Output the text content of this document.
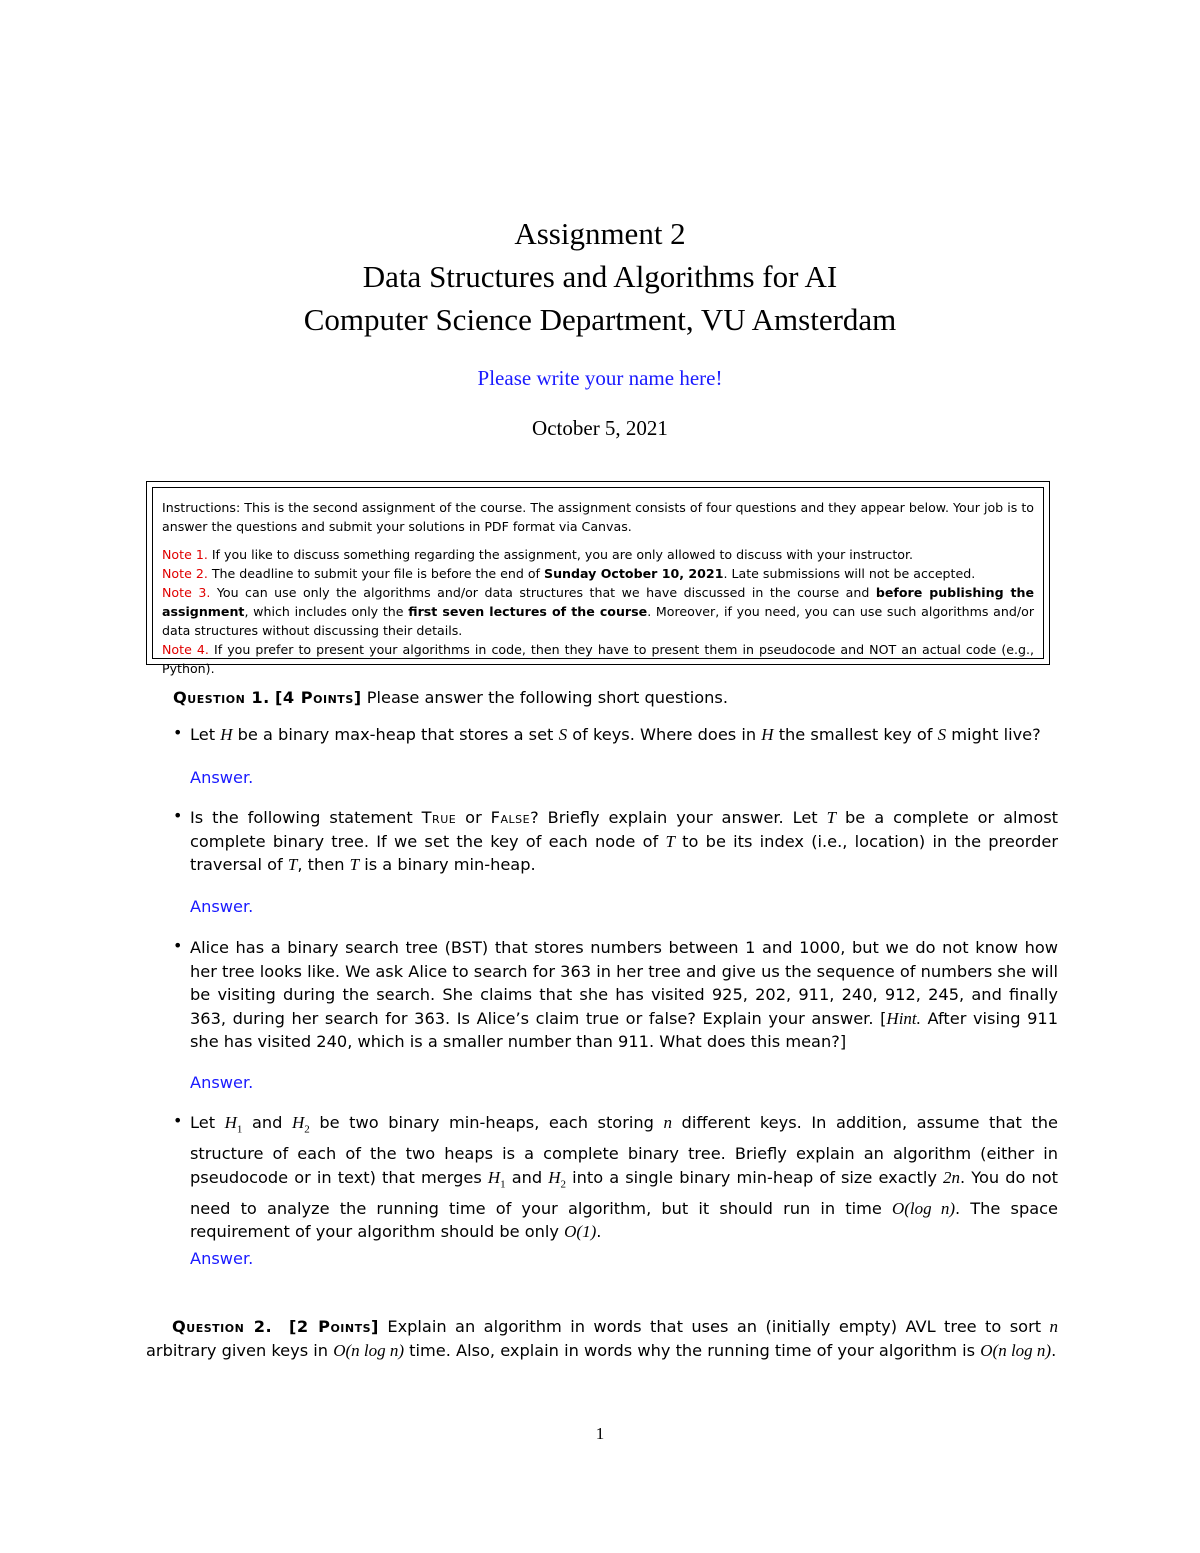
Assignment 2
Data Structures and Algorithms for AI
Computer Science Department, VU Amsterdam
Please write your name here!
October 5, 2021

Instructions: This is the second assignment of the course. The assignment consists of four questions and they appear below. Your job is to answer the questions and submit your solutions in PDF format via Canvas.

Note 1. If you like to discuss something regarding the assignment, you are only allowed to discuss with your instructor.

Note 2. The deadline to submit your file is before the end of Sunday October 10, 2021. Late submissions will not be accepted.

Note 3. You can use only the algorithms and/or data structures that we have discussed in the course and before publishing the assignment, which includes only the first seven lectures of the course. Moreover, if you need, you can use such algorithms and/or data structures without discussing their details.

Note 4. If you prefer to present your algorithms in code, then they have to present them in pseudocode and NOT an actual code (e.g., Python).

Question 1. [4 Points] Please answer the following short questions.
• Let H be a binary max-heap that stores a set S of keys. Where does in H the smallest key of S might live?
Answer.
• Is the following statement True or False? Briefly explain your answer. Let T be a complete or almost complete binary tree. If we set the key of each node of T to be its index (i.e., location) in the preorder traversal of T, then T is a binary min-heap.
Answer.
• Alice has a binary search tree (BST) that stores numbers between 1 and 1000, but we do not know how her tree looks like. We ask Alice to search for 363 in her tree and give us the sequence of numbers she will be visiting during the search. She claims that she has visited 925, 202, 911, 240, 912, 245, and finally 363, during her search for 363. Is Alice’s claim true or false? Explain your answer. [Hint. After vising 911 she has visited 240, which is a smaller number than 911. What does this mean?]
Answer.
• Let $H_1$ and $H_2$ be two binary min-heaps, each storing n different keys. In addition, assume that the structure of each of the two heaps is a complete binary tree. Briefly explain an algorithm (either in pseudocode or in text) that merges $H_1$ and $H_2$ into a single binary min-heap of size exactly 2n. You do not need to analyze the running time of your algorithm, but it should run in time O(log n). The space requirement of your algorithm should be only O(1).
Answer.
Question 2. [2 Points] Explain an algorithm in words that uses an (initially empty) AVL tree to sort n arbitrary given keys in O(n log n) time. Also, explain in words why the running time of your algorithm is O(n log n).
1
